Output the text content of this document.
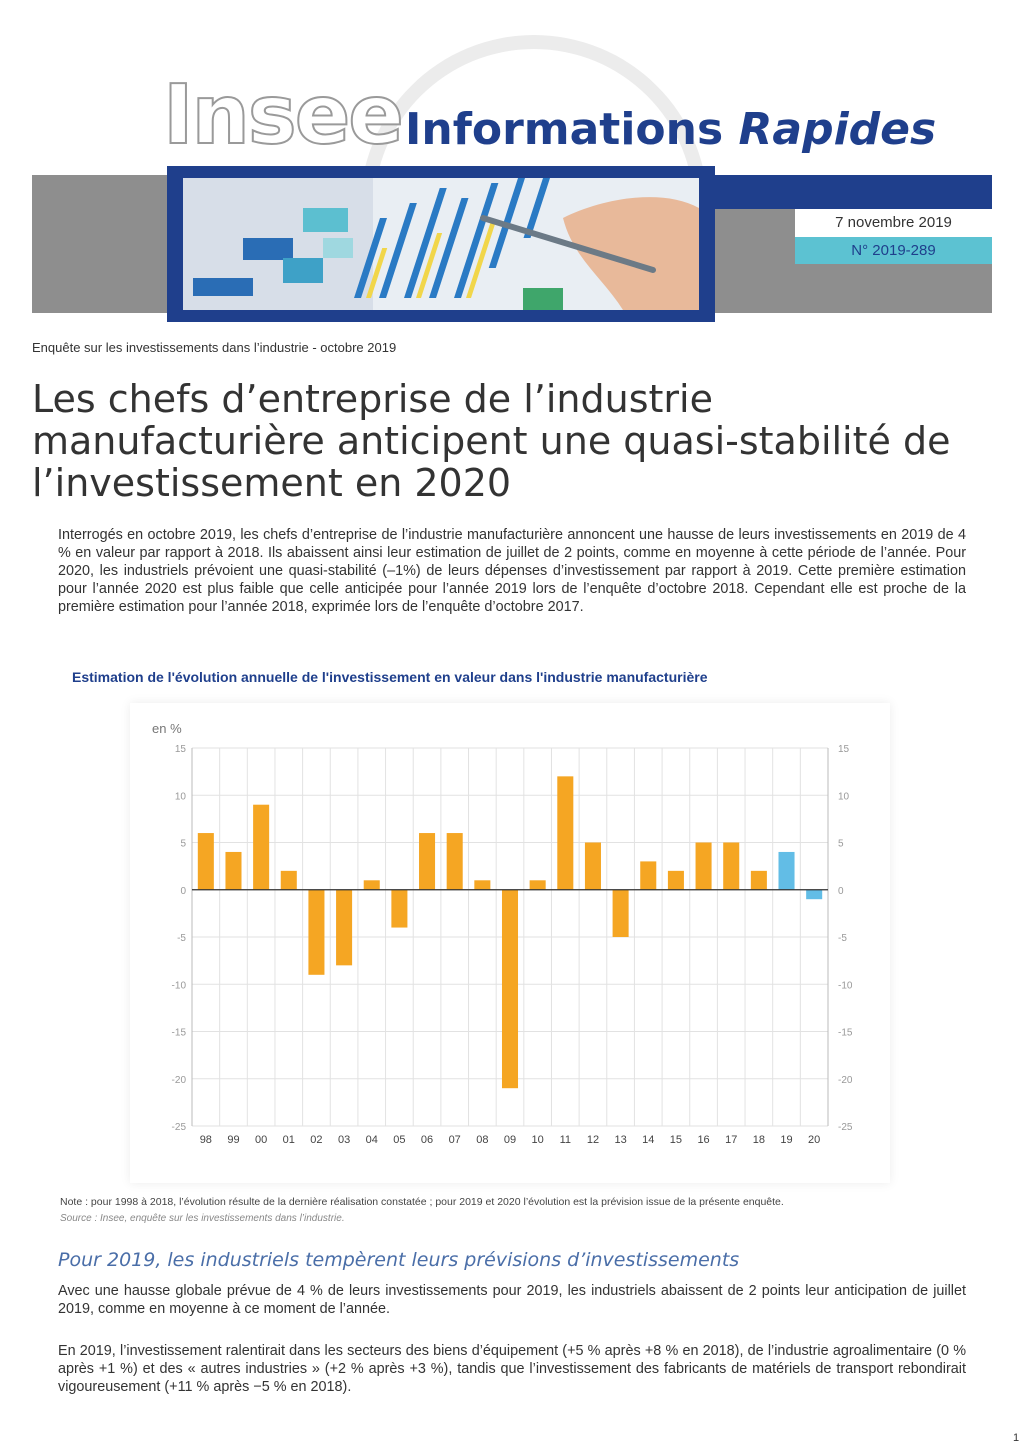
Insee Informations Rapides
7 novembre 2019
N° 2019-289
Enquête sur les investissements dans l’industrie - octobre 2019
Les chefs d’entreprise de l’industrie manufacturière anticipent une quasi-stabilité de l’investissement en 2020

Interrogés en octobre 2019, les chefs d’entreprise de l’industrie manufacturière annoncent une hausse de leurs investissements en 2019 de 4 % en valeur par rapport à 2018. Ils abaissent ainsi leur estimation de juillet de 2 points, comme en moyenne à cette période de l’année. Pour 2020, les industriels prévoient une quasi-stabilité (–1%) de leurs dépenses d’investissement par rapport à 2019. Cette première estimation pour l’année 2020 est plus faible que celle anticipée pour l’année 2019 lors de l’enquête d’octobre 2018. Cependant elle est proche de la première estimation pour l’année 2018, exprimée lors de l’enquête d’octobre 2017.

Estimation de l'évolution annuelle de l'investissement en valeur dans l'industrie manufacturière
15	15
10	10
5	5
0	0
-5	-5
-10	-10
-15	-15
-20	-20
-25	-25
en %
98 99 00 01 02 03 04 05 06 07 08 09 10 11 12 13 14 15 16 17 18 19 20
Note : pour 1998 à 2018, l’évolution résulte de la dernière réalisation constatée ; pour 2019 et 2020 l’évolution est la prévision issue de la présente enquête.
Source : Insee, enquête sur les investissements dans l’industrie.
Pour 2019, les industriels tempèrent leurs prévisions d’investissements

Avec une hausse globale prévue de 4 % de leurs investissements pour 2019, les industriels abaissent de 2 points leur anticipation de juillet 2019, comme en moyenne à ce moment de l’année.

En 2019, l’investissement ralentirait dans les secteurs des biens d’équipement (+5 % après +8 % en 2018), de l’industrie agroalimentaire (0 % après +1 %) et des « autres industries » (+2 % après +3 %), tandis que l’investissement des fabricants de matériels de transport rebondirait vigoureusement (+11 % après −5 % en 2018).

1
